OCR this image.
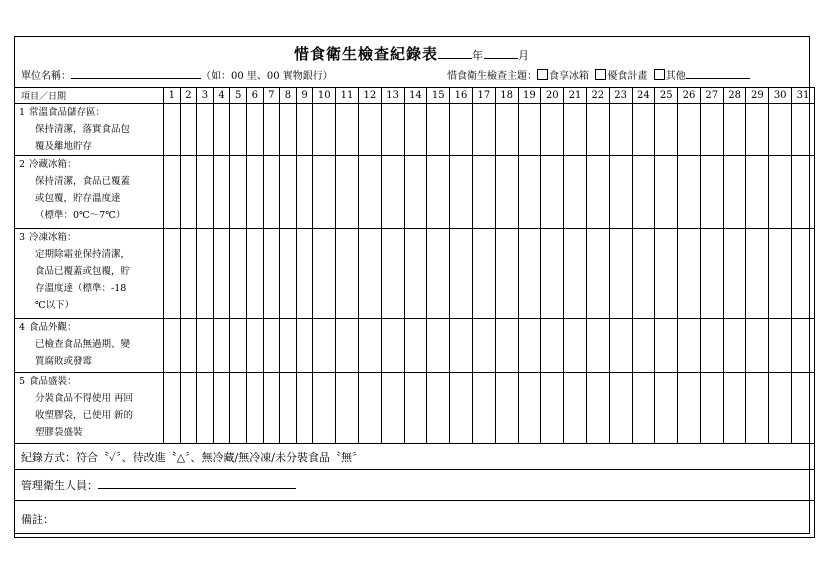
惜食衛生檢查紀錄表	年	月
單位名稱：	（如：00 里、00 實物銀行）	惜食衛生檢查主題： 食享冰箱 優食計畫 其他
項目／日期	1	2	3	4	5	6	7	8	9	10	11	12	13	14	15	16	17	18	19	20	21	22	23	24	25	26	27	28	29	30	31
1 常溫食品儲存區：
保持清潔，落實食品包
覆及離地貯存																															

2 冷藏冰箱：
保持清潔，食品已覆蓋
或包覆，貯存溫度達
（標準：0℃～7℃）																															

3 冷凍冰箱：
定期除霜並保持清潔，
食品已覆蓋或包覆，貯
存溫度達（標準：-18
℃以下）																															

4 食品外觀：
已檢查食品無過期、變
質腐敗或發霉																															

5 食品盛裝：
分裝食品不得使用 再回
收塑膠袋，已使用 新的
塑膠袋盛裝																															

紀錄方式：符合〝✓〞、待改進〝△〞、無冷藏/無冷凍/未分裝食品〝無〞																															
管理衛生人員：																															
備註：																															
